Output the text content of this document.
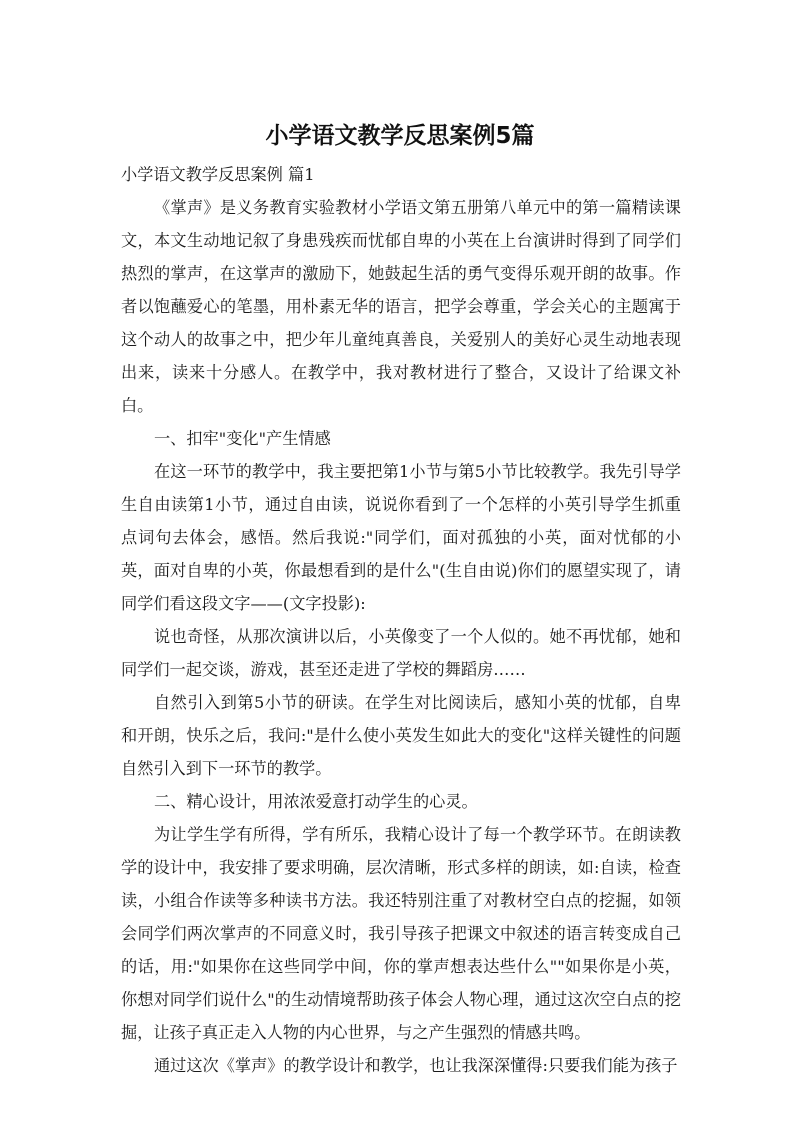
小学语文教学反思案例5篇

小学语文教学反思案例 篇1

《掌声》是义务教育实验教材小学语文第五册第八单元中的第一篇精读课文，本文生动地记叙了身患残疾而忧郁自卑的小英在上台演讲时得到了同学们热烈的掌声，在这掌声的激励下，她鼓起生活的勇气变得乐观开朗的故事。作者以饱蘸爱心的笔墨，用朴素无华的语言，把学会尊重，学会关心的主题寓于这个动人的故事之中，把少年儿童纯真善良，关爱别人的美好心灵生动地表现出来，读来十分感人。在教学中，我对教材进行了整合，又设计了给课文补白。

一、扣牢"变化"产生情感

在这一环节的教学中，我主要把第1小节与第5小节比较教学。我先引导学生自由读第1小节，通过自由读，说说你看到了一个怎样的小英引导学生抓重点词句去体会，感悟。然后我说:"同学们，面对孤独的小英，面对忧郁的小英，面对自卑的小英，你最想看到的是什么"(生自由说)你们的愿望实现了，请同学们看这段文字——(文字投影):

说也奇怪，从那次演讲以后，小英像变了一个人似的。她不再忧郁，她和同学们一起交谈，游戏，甚至还走进了学校的舞蹈房……

自然引入到第5小节的研读。在学生对比阅读后，感知小英的忧郁，自卑和开朗，快乐之后，我问:"是什么使小英发生如此大的变化"这样关键性的问题自然引入到下一环节的教学。

二、精心设计，用浓浓爱意打动学生的心灵。

为让学生学有所得，学有所乐，我精心设计了每一个教学环节。在朗读教学的设计中，我安排了要求明确，层次清晰，形式多样的朗读，如:自读，检查读，小组合作读等多种读书方法。我还特别注重了对教材空白点的挖掘，如领会同学们两次掌声的不同意义时，我引导孩子把课文中叙述的语言转变成自己的话，用:"如果你在这些同学中间，你的掌声想表达些什么""如果你是小英，你想对同学们说什么"的生动情境帮助孩子体会人物心理，通过这次空白点的挖掘，让孩子真正走入人物的内心世界，与之产生强烈的情感共鸣。

通过这次《掌声》的教学设计和教学，也让我深深懂得:只要我们能为孩子
